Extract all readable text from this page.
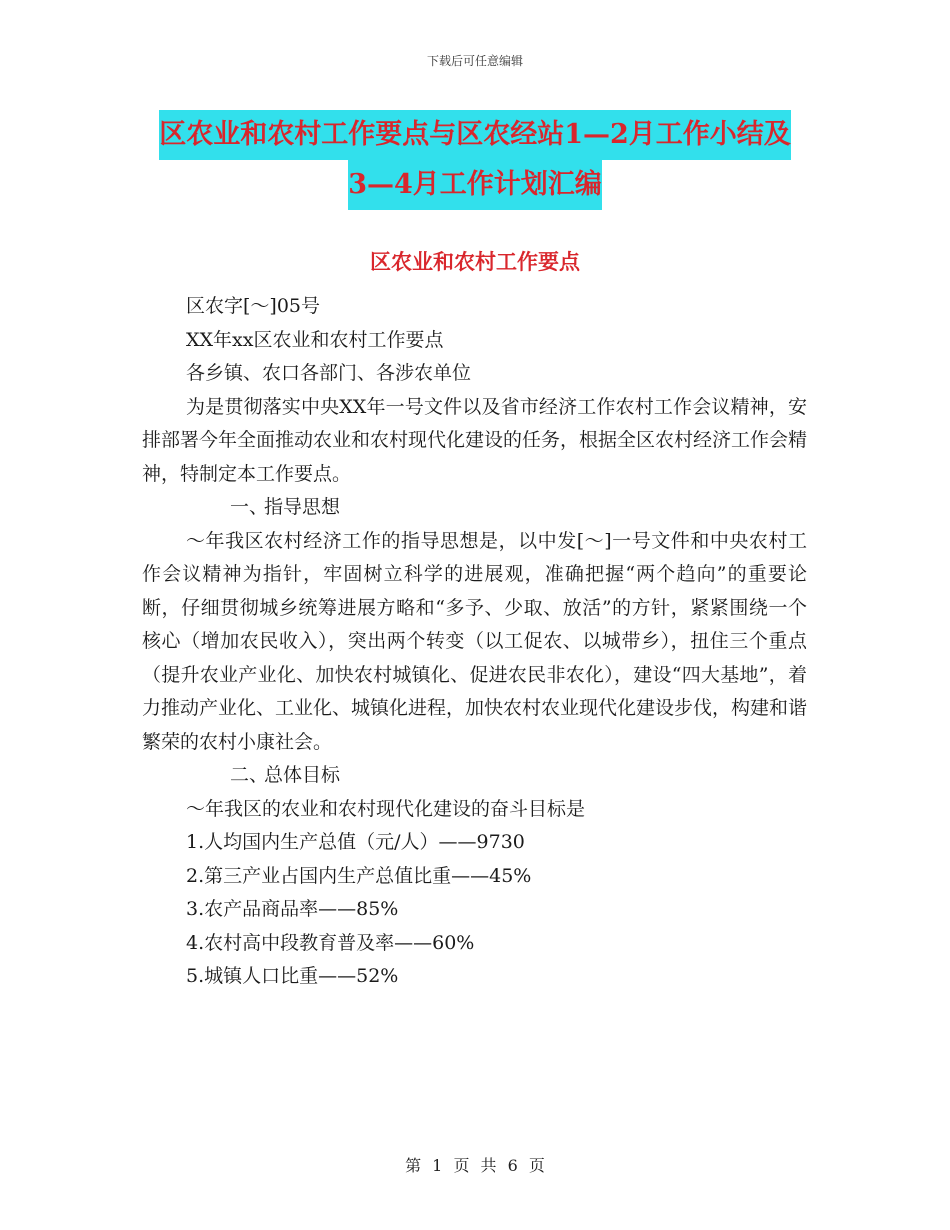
下载后可任意编辑
区农业和农村工作要点与区农经站1—2月工作小结及
3—4月工作计划汇编
区农业和农村工作要点

区农字[～]05号

XX年xx区农业和农村工作要点

各乡镇、农口各部门、各涉农单位

为是贯彻落实中央XX年一号文件以及省市经济工作农村工作会议精神，安排部署今年全面推动农业和农村现代化建设的任务，根据全区农村经济工作会精神，特制定本工作要点。

一、指导思想

～年我区农村经济工作的指导思想是，以中发[～]一号文件和中央农村工作会议精神为指针，牢固树立科学的进展观，准确把握“两个趋向”的重要论断，仔细贯彻城乡统筹进展方略和“多予、少取、放活”的方针，紧紧围绕一个核心（增加农民收入），突出两个转变（以工促农、以城带乡），扭住三个重点（提升农业产业化、加快农村城镇化、促进农民非农化），建设“四大基地”，着力推动产业化、工业化、城镇化进程，加快农村农业现代化建设步伐，构建和谐繁荣的农村小康社会。

二、总体目标

～年我区的农业和农村现代化建设的奋斗目标是

1.人均国内生产总值（元/人）——9730

2.第三产业占国内生产总值比重——45%

3.农产品商品率——85%

4.农村高中段教育普及率——60%

5.城镇人口比重——52%

第 1 页 共 6 页
